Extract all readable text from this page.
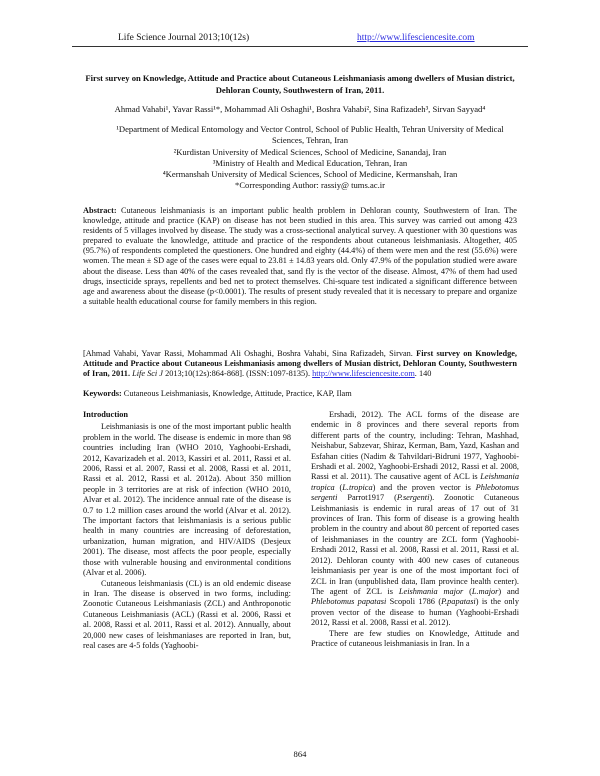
Life Science Journal 2013;10(12s)	http://www.lifesciencesite.com
First survey on Knowledge, Attitude and Practice about Cutaneous Leishmaniasis among dwellers of Musian district, Dehloran County, Southwestern of Iran, 2011.
Ahmad Vahabi¹, Yavar Rassi¹*, Mohammad Ali Oshaghi¹, Boshra Vahabi², Sina Rafizadeh³, Sirvan Sayyad⁴
¹Department of Medical Entomology and Vector Control, School of Public Health, Tehran University of Medical Sciences, Tehran, Iran
²Kurdistan University of Medical Sciences, School of Medicine, Sanandaj, Iran
³Ministry of Health and Medical Education, Tehran, Iran
⁴Kermanshah University of Medical Sciences, School of Medicine, Kermanshah, Iran
*Corresponding Author: rassiy@ tums.ac.ir

Abstract: Cutaneous leishmaniasis is an important public health problem in Dehloran county, Southwestern of Iran. The knowledge, attitude and practice (KAP) on disease has not been studied in this area. This survey was carried out among 423 residents of 5 villages involved by disease. The study was a cross-sectional analytical survey. A questioner with 30 questions was prepared to evaluate the knowledge, attitude and practice of the respondents about cutaneous leishmaniasis. Altogether, 405 (95.7%) of respondents completed the questioners. One hundred and eighty (44.4%) of them were men and the rest (55.6%) were women. The mean ± SD age of the cases were equal to 23.81 ± 14.83 years old. Only 47.9% of the population studied were aware about the disease. Less than 40% of the cases revealed that, sand fly is the vector of the disease. Almost, 47% of them had used drugs, insecticide sprays, repellents and bed net to protect themselves. Chi-square test indicated a significant difference between age and awareness about the disease (p<0.0001). The results of present study revealed that it is necessary to prepare and organize a suitable health educational course for family members in this region.

[Ahmad Vahabi, Yavar Rassi, Mohammad Ali Oshaghi, Boshra Vahabi, Sina Rafizadeh, Sirvan. First survey on Knowledge, Attitude and Practice about Cutaneous Leishmaniasis among dwellers of Musian district, Dehloran County, Southwestern of Iran, 2011. Life Sci J 2013;10(12s):864-868]. (ISSN:1097-8135). http://www.lifesciencesite.com. 140
Keywords: Cutaneous Leishmaniasis, Knowledge, Attitude, Practice, KAP, Ilam

Introduction

Leishmaniasis is one of the most important public health problem in the world. The disease is endemic in more than 98 countries including Iran (WHO 2010, Yaghoobi-Ershadi, 2012, Kavarizadeh et al. 2013, Kassiri et al. 2011, Rassi et al. 2006, Rassi et al. 2007, Rassi et al. 2008, Rassi et al. 2011, Rassi et al. 2012, Rassi et al. 2012a). About 350 million people in 3 territories are at risk of infection (WHO 2010, Alvar et al. 2012). The incidence annual rate of the disease is 0.7 to 1.2 million cases around the world (Alvar et al. 2012). The important factors that leishmaniasis is a serious public health in many countries are increasing of deforestation, urbanization, human migration, and HIV/AIDS (Desjeux 2001). The disease, most affects the poor people, especially those with vulnerable housing and environmental conditions (Alvar et al. 2006).

Cutaneous leishmaniasis (CL) is an old endemic disease in Iran. The disease is observed in two forms, including: Zoonotic Cutaneous Leishmaniasis (ZCL) and Anthroponotic Cutaneous Leishmaniasis (ACL) (Rassi et al. 2006, Rassi et al. 2008, Rassi et al. 2011, Rassi et al. 2012). Annually, about 20,000 new cases of leishmaniases are reported in Iran, but, real cases are 4-5 folds (Yaghoobi-

Ershadi, 2012). The ACL forms of the disease are endemic in 8 provinces and there several reports from different parts of the country, including: Tehran, Mashhad, Neishabur, Sabzevar, Shiraz, Kerman, Bam, Yazd, Kashan and Esfahan cities (Nadim & Tahvildari-Bidruni 1977, Yaghoobi-Ershadi et al. 2002, Yaghoobi-Ershadi 2012, Rassi et al. 2008, Rassi et al. 2011). The causative agent of ACL is Leishmania tropica (L.tropica) and the proven vector is Phlebotomus sergenti Parrot1917 (P.sergenti). Zoonotic Cutaneous Leishmaniasis is endemic in rural areas of 17 out of 31 provinces of Iran. This form of disease is a growing health problem in the country and about 80 percent of reported cases of leishmaniases in the country are ZCL form (Yaghoobi-Ershadi 2012, Rassi et al. 2008, Rassi et al. 2011, Rassi et al. 2012). Dehloran county with 400 new cases of cutaneous leishmaniasis per year is one of the most important foci of ZCL in Iran (unpublished data, Ilam province health center). The agent of ZCL is Leishmania major (L.major) and Phlebotomus papatasi Scopoli 1786 (P.papatasi) is the only proven vector of the disease to human (Yaghoobi-Ershadi 2012, Rassi et al. 2008, Rassi et al. 2012).

There are few studies on Knowledge, Attitude and Practice of cutaneous leishmaniasis in Iran. In a

864
